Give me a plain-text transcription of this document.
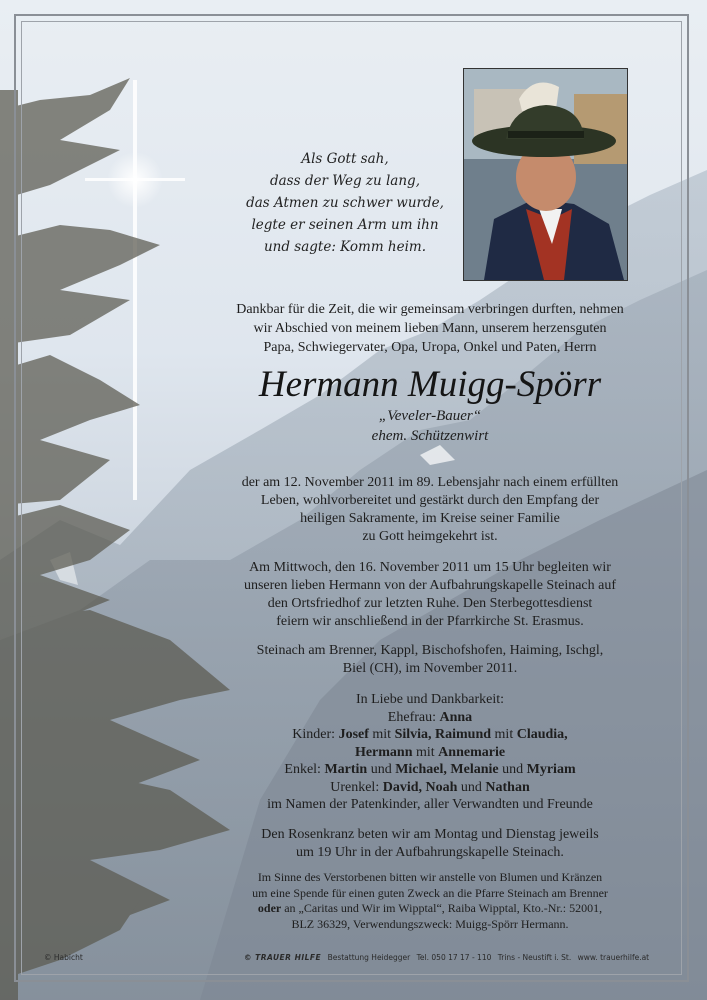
Als Gott sah,
dass der Weg zu lang,
das Atmen zu schwer wurde,
legte er seinen Arm um ihn
und sagte: Komm heim.
Dankbar für die Zeit, die wir gemeinsam verbringen durften, nehmen
wir Abschied von meinem lieben Mann, unserem herzensguten
Papa, Schwiegervater, Opa, Uropa, Onkel und Paten, Herrn
Hermann Muigg-Spörr
„Veveler-Bauer“
ehem. Schützenwirt
der am 12. November 2011 im 89. Lebensjahr nach einem erfüllten
Leben, wohlvorbereitet und gestärkt durch den Empfang der
heiligen Sakramente, im Kreise seiner Familie
zu Gott heimgekehrt ist.
Am Mittwoch, den 16. November 2011 um 15 Uhr begleiten wir
unseren lieben Hermann von der Aufbahrungskapelle Steinach auf
den Ortsfriedhof zur letzten Ruhe. Den Sterbegottesdienst
feiern wir anschließend in der Pfarrkirche St. Erasmus.
Steinach am Brenner, Kappl, Bischofshofen, Haiming, Ischgl,
Biel (CH), im November 2011.
In Liebe und Dankbarkeit:
Ehefrau: Anna
Kinder: Josef mit Silvia, Raimund mit Claudia,
Hermann mit Annemarie
Enkel: Martin und Michael, Melanie und Myriam
Urenkel: David, Noah und Nathan
im Namen der Patenkinder, aller Verwandten und Freunde
Den Rosenkranz beten wir am Montag und Dienstag jeweils
um 19 Uhr in der Aufbahrungskapelle Steinach.
Im Sinne des Verstorbenen bitten wir anstelle von Blumen und Kränzen
um eine Spende für einen guten Zweck an die Pfarre Steinach am Brenner
oder an „Caritas und Wir im Wipptal“, Raiba Wipptal, Kto.-Nr.: 52001,
BLZ 36329, Verwendungszweck: Muigg-Spörr Hermann.
© Habicht	© TRAUER HILFE Bestattung Heidegger Tel. 050 17 17 - 110 Trins - Neustift i. St. www. trauerhilfe.at
